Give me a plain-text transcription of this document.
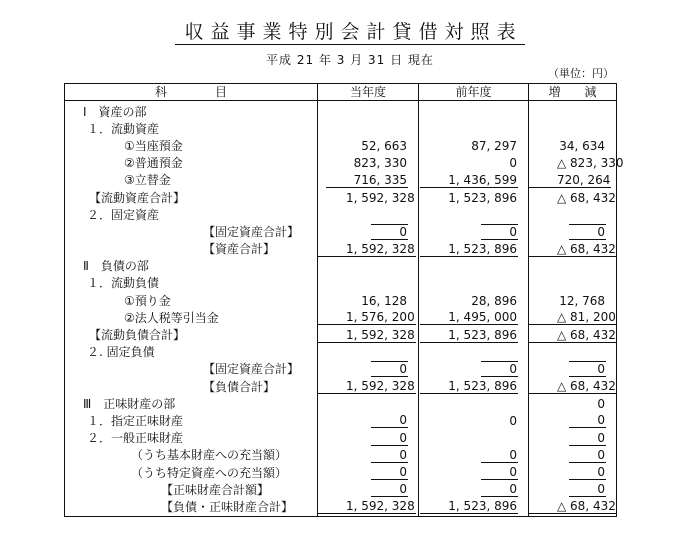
収益事業特別会計貸借対照表
平成 21 年 3 月 31 日 現在
（単位：円）
科　　　　目	当年度	前年度	増　　減
Ⅰ　資産の部			
１．流動資産			
①当座預金	52, 663	87, 297	34, 634
②普通預金	823, 330	0	△ 823, 330
③立替金	716, 335	1, 436, 599	720, 264
【流動資産合計】	1, 592, 328	1, 523, 896	△ 68, 432
２．固定資産			
【固定資産合計】	0	0	0
【資産合計】	1, 592, 328	1, 523, 896	△ 68, 432
Ⅱ　負債の部			
１．流動負債			
①預り金	16, 128	28, 896	12, 768
②法人税等引当金	1, 576, 200	1, 495, 000	△ 81, 200
【流動負債合計】	1, 592, 328	1, 523, 896	△ 68, 432
２. 固定負債			
【固定資産合計】	0	0	0
【負債合計】	1, 592, 328	1, 523, 896	△ 68, 432
Ⅲ　正味財産の部			0
１．指定正味財産	0	0	0
２．一般正味財産	0		0
（うち基本財産への充当額）	0	0	0
（うち特定資産への充当額）	0	0	0
【正味財産合計額】	0	0	0
【負債・正味財産合計】	1, 592, 328	1, 523, 896	△ 68, 432
